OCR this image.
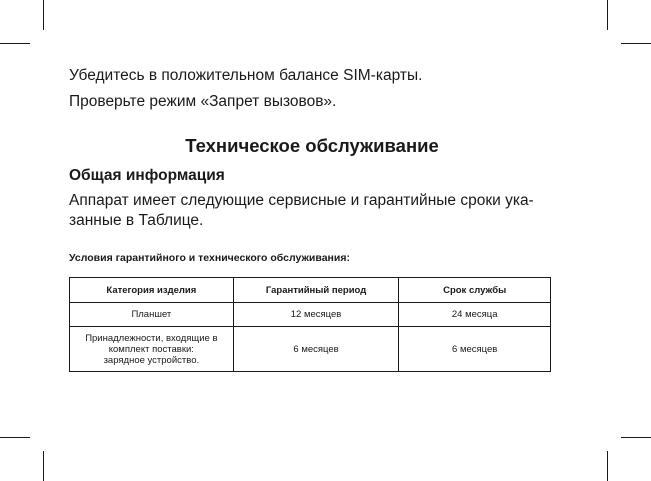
Убедитесь в положительном балансе SIM-карты.
Проверьте режим «Запрет вызовов».
Техническое обслуживание
Общая информация
Аппарат имеет следующие сервисные и гарантийные сроки ука-
занные в Таблице.
Условия гарантийного и технического обслуживания:
Категория изделия	Гарантийный период	Срок службы
Планшет	12 месяцев	24 месяца

Принадлежности, входящие в
комплект поставки:
зарядное устройство.	6 месяцев	6 месяцев
